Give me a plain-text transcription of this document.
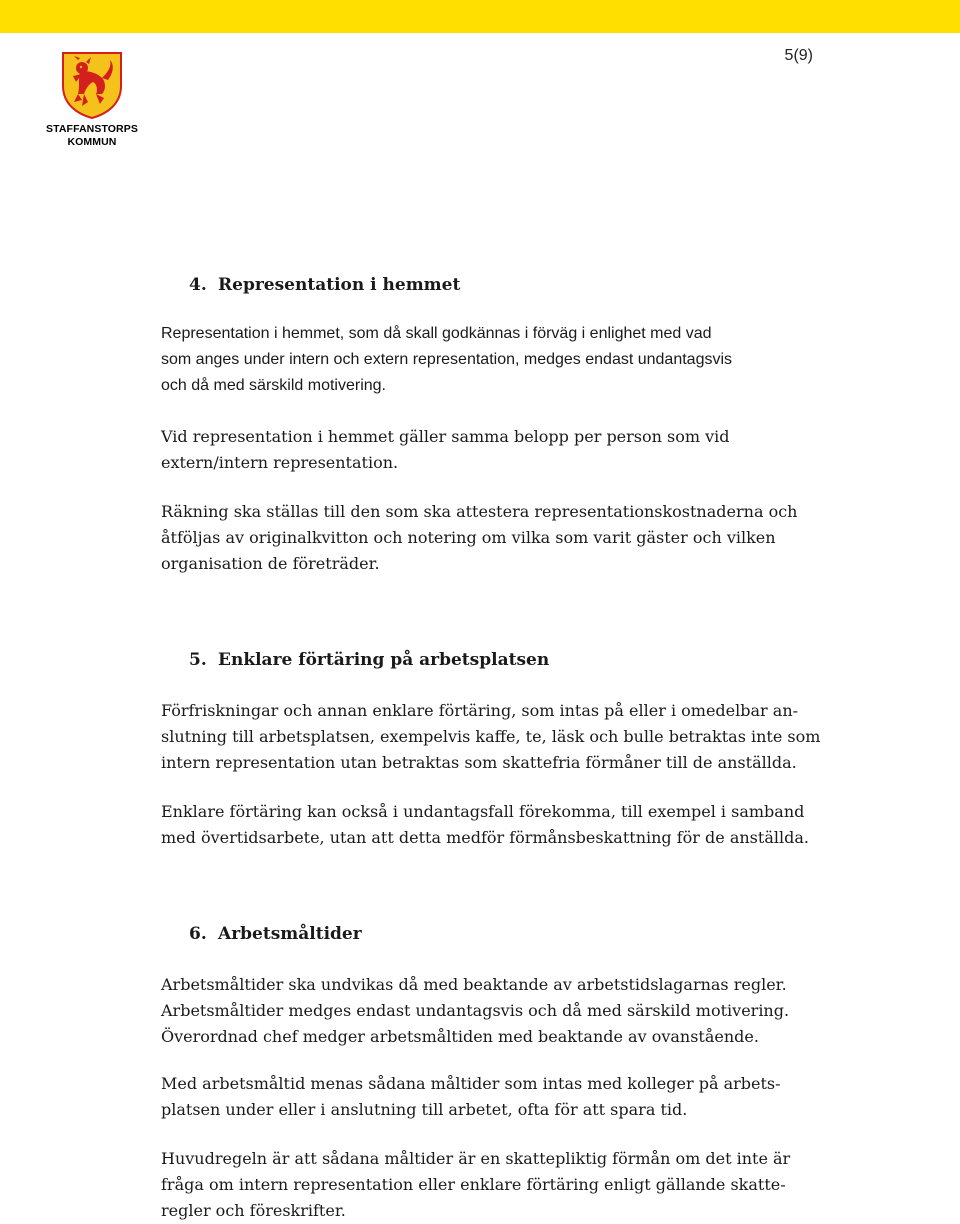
5(9)
STAFFANSTORPS
KOMMUN
4. Representation i hemmet
Representation i hemmet, som då skall godkännas i förväg i enlighet med vad
som anges under intern och extern representation, medges endast undantagsvis
och då med särskild motivering.
Vid representation i hemmet gäller samma belopp per person som vid
extern/intern representation.
Räkning ska ställas till den som ska attestera representationskostnaderna och
åtföljas av originalkvitton och notering om vilka som varit gäster och vilken
organisation de företräder.
5. Enklare förtäring på arbetsplatsen
Förfriskningar och annan enklare förtäring, som intas på eller i omedelbar an-
slutning till arbetsplatsen, exempelvis kaffe, te, läsk och bulle betraktas inte som
intern representation utan betraktas som skattefria förmåner till de anställda.
Enklare förtäring kan också i undantagsfall förekomma, till exempel i samband
med övertidsarbete, utan att detta medför förmånsbeskattning för de anställda.
6. Arbetsmåltider
Arbetsmåltider ska undvikas då med beaktande av arbetstidslagarnas regler.
Arbetsmåltider medges endast undantagsvis och då med särskild motivering.
Överordnad chef medger arbetsmåltiden med beaktande av ovanstående.
Med arbetsmåltid menas sådana måltider som intas med kolleger på arbets-
platsen under eller i anslutning till arbetet, ofta för att spara tid.
Huvudregeln är att sådana måltider är en skattepliktig förmån om det inte är
fråga om intern representation eller enklare förtäring enligt gällande skatte-
regler och föreskrifter.
